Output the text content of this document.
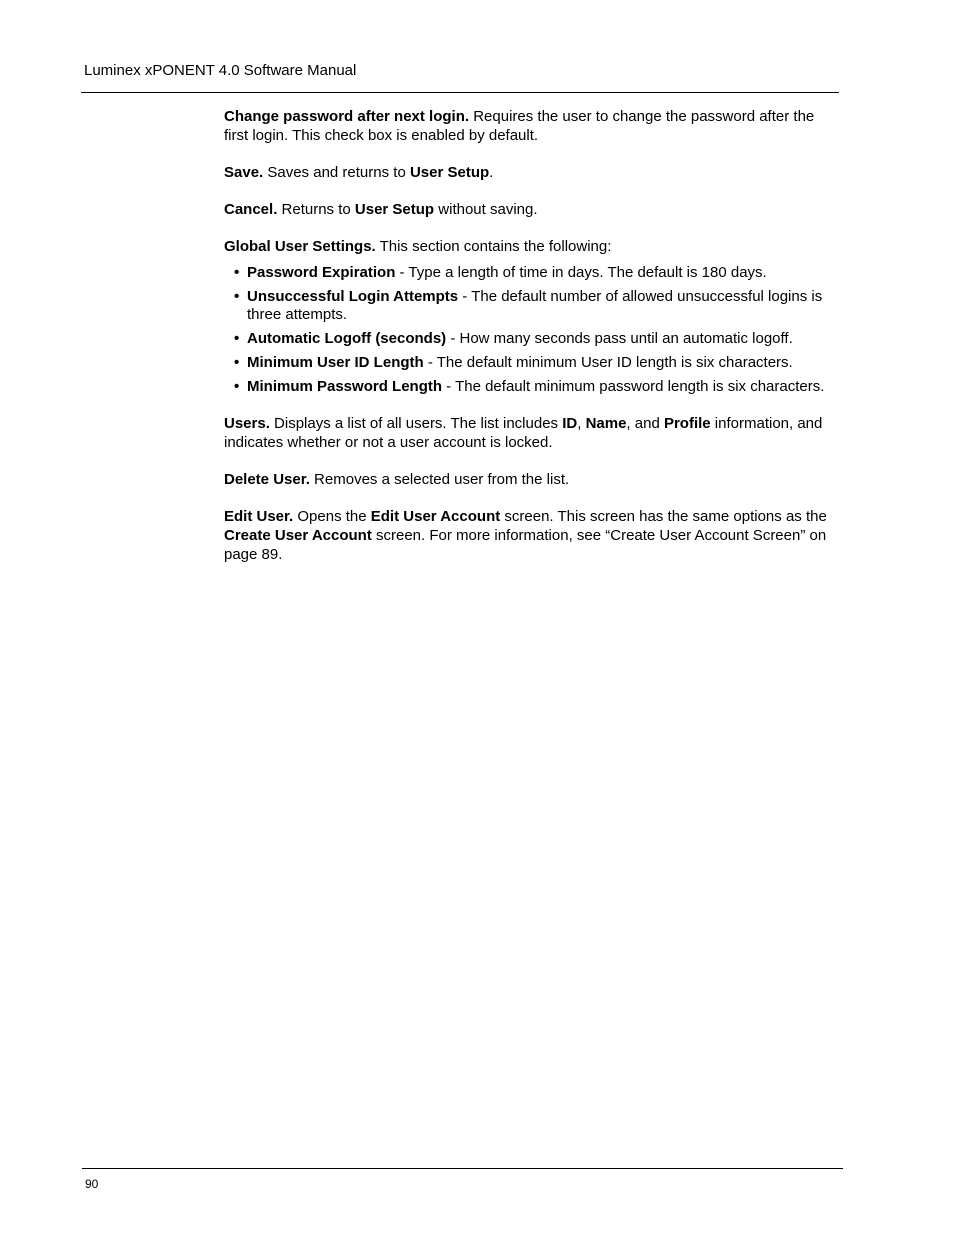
Luminex xPONENT 4.0 Software Manual

Change password after next login. Requires the user to change the password after the first login. This check box is enabled by default.

Save. Saves and returns to User Setup.

Cancel. Returns to User Setup without saving.

Global User Settings. This section contains the following:

• Password Expiration - Type a length of time in days. The default is 180 days.
• Unsuccessful Login Attempts - The default number of allowed unsuccessful logins is three attempts.
• Automatic Logoff (seconds) - How many seconds pass until an automatic logoff.
• Minimum User ID Length - The default minimum User ID length is six characters.
• Minimum Password Length - The default minimum password length is six characters.

Users. Displays a list of all users. The list includes ID, Name, and Profile information, and indicates whether or not a user account is locked.

Delete User. Removes a selected user from the list.

Edit User. Opens the Edit User Account screen. This screen has the same options as the Create User Account screen. For more information, see “Create User Account Screen” on page 89.

90
